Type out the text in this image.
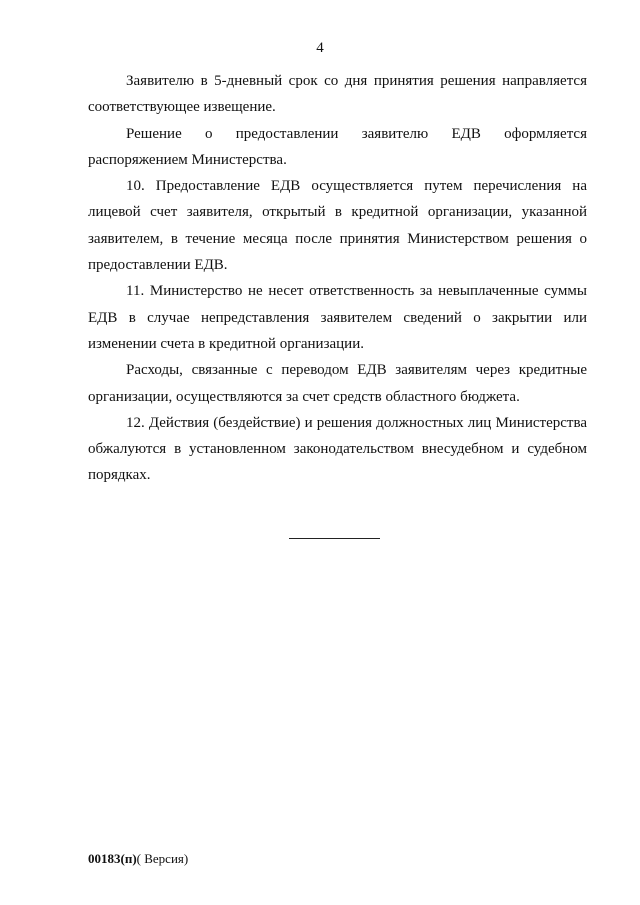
4

Заявителю в 5-дневный срок со дня принятия решения направляется соответствующее извещение.

Решение о предоставлении заявителю ЕДВ оформляется распоряжением Министерства.

10. Предоставление ЕДВ осуществляется путем перечисления на лицевой счет заявителя, открытый в кредитной организации, указанной заявителем, в течение месяца после принятия Министерством решения о предоставлении ЕДВ.

11. Министерство не несет ответственность за невыплаченные суммы ЕДВ в случае непредставления заявителем сведений о закрытии или изменении счета в кредитной организации.

Расходы, связанные с переводом ЕДВ заявителям через кредитные организации, осуществляются за счет средств областного бюджета.

12. Действия (бездействие) и решения должностных лиц Министерства обжалуются в установленном законодательством внесудебном и судебном порядках.

00183(п)( Версия)
